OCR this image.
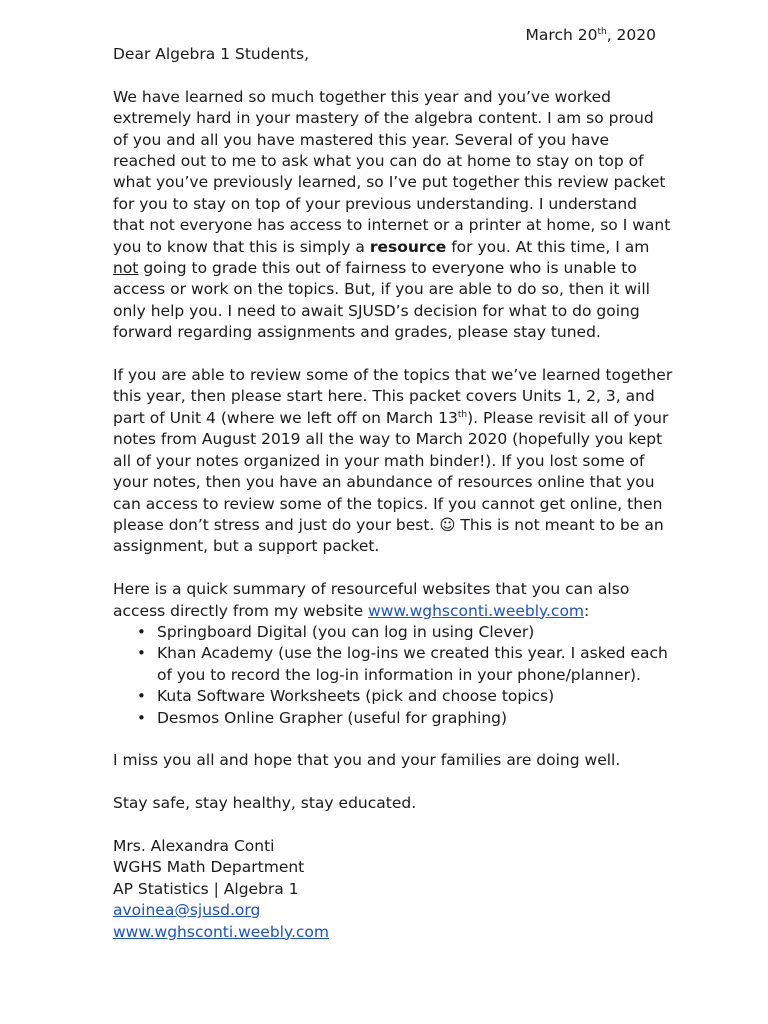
March 20th, 2020

Dear Algebra 1 Students,

We have learned so much together this year and you’ve worked extremely hard in your mastery of the algebra content. I am so proud of you and all you have mastered this year. Several of you have reached out to me to ask what you can do at home to stay on top of what you’ve previously learned, so I’ve put together this review packet for you to stay on top of your previous understanding. I understand that not everyone has access to internet or a printer at home, so I want you to know that this is simply a resource for you. At this time, I am not going to grade this out of fairness to everyone who is unable to access or work on the topics. But, if you are able to do so, then it will only help you. I need to await SJUSD’s decision for what to do going forward regarding assignments and grades, please stay tuned.

If you are able to review some of the topics that we’ve learned together this year, then please start here. This packet covers Units 1, 2, 3, and part of Unit 4 (where we left off on March 13th). Please revisit all of your notes from August 2019 all the way to March 2020 (hopefully you kept all of your notes organized in your math binder!). If you lost some of your notes, then you have an abundance of resources online that you can access to review some of the topics. If you cannot get online, then please don’t stress and just do your best. ☺ This is not meant to be an assignment, but a support packet.

Here is a quick summary of resourceful websites that you can also access directly from my website www.wghsconti.weebly.com:

• Springboard Digital (you can log in using Clever)
• Khan Academy (use the log-ins we created this year. I asked each of you to record the log-in information in your phone/planner).
• Kuta Software Worksheets (pick and choose topics)
• Desmos Online Grapher (useful for graphing)

I miss you all and hope that you and your families are doing well.

Stay safe, stay healthy, stay educated.

Mrs. Alexandra Conti

WGHS Math Department

AP Statistics | Algebra 1

avoinea@sjusd.org

www.wghsconti.weebly.com
